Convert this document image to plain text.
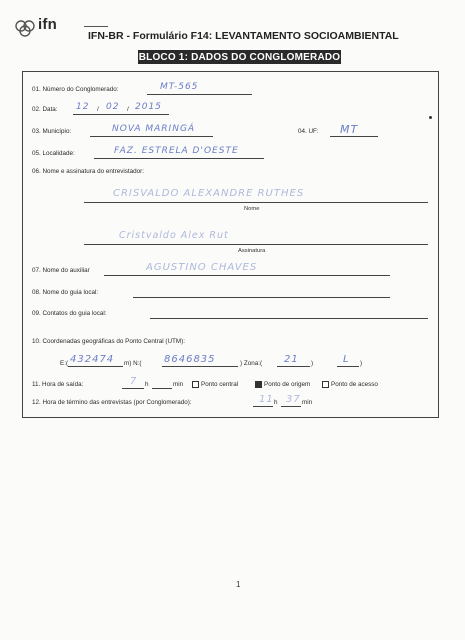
ifn
IFN-BR - Formulário F14: LEVANTAMENTO SOCIOAMBIENTAL
BLOCO 1: DADOS DO CONGLOMERADO
01. Número do Conglomerado:	MT-565
02. Data: 12 / 02 / 2015
03. Município:	NOVA MARINGÁ	04. UF: MT
05. Localidade:	FAZ. ESTRELA D'OESTE
06. Nome e assinatura do entrevistador:
CRISVALDO ALEXANDRE RUTHES
Nome
Cristvaldo Alex Rut
Assinatura
07. Nome do auxiliar	AGUSTINO CHAVES
08. Nome do guia local:
09. Contatos do guia local:
10. Coordenadas geográficas do Ponto Central (UTM):
E:( 432474 m) N:( 8646835	) Zona:( 21 )	L )
11. Hora de saída:	7 h	min	Ponto central	Ponto de origem	Ponto de acesso
12. Hora de término das entrevistas (por Conglomerado):	11 h 37 min
1
